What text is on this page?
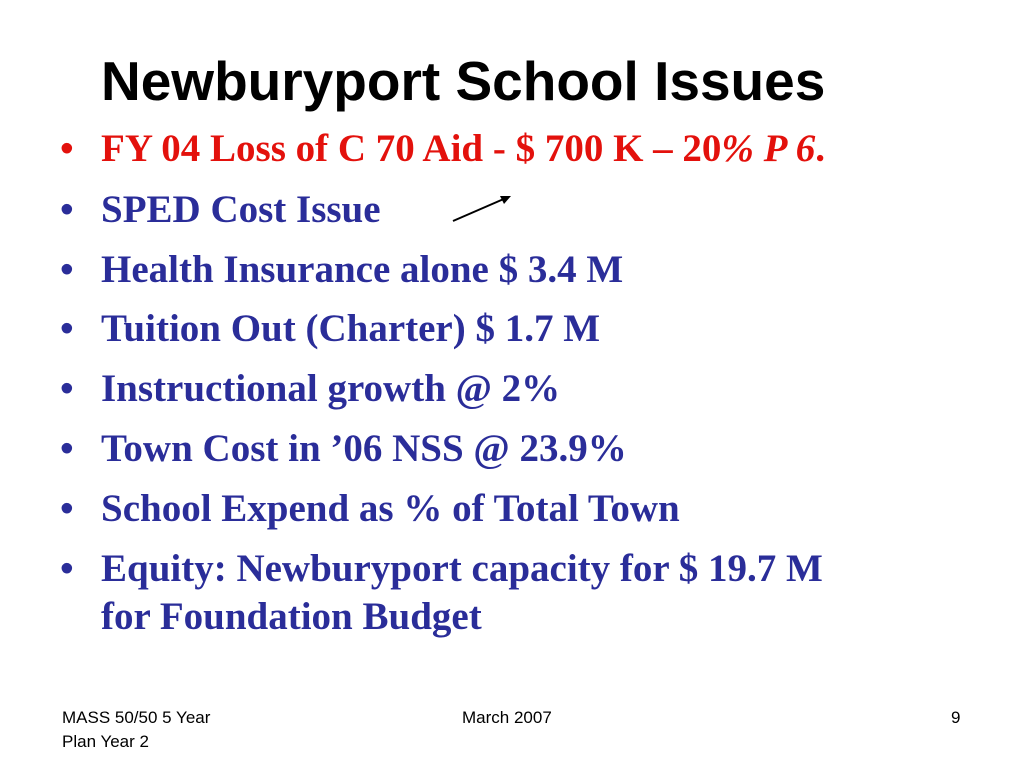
Newburyport School Issues
• FY 04 Loss of C 70 Aid - $ 700 K – 20% P 6.
• SPED Cost Issue
• Health Insurance alone $ 3.4 M
• Tuition Out (Charter) $ 1.7 M
• Instructional growth @ 2%
• Town Cost in ’06 NSS @ 23.9%
• School Expend as % of Total Town
• Equity: Newburyport capacity for $ 19.7 M
for Foundation Budget
MASS 50/50 5 Year
Plan Year 2
March 2007	9
